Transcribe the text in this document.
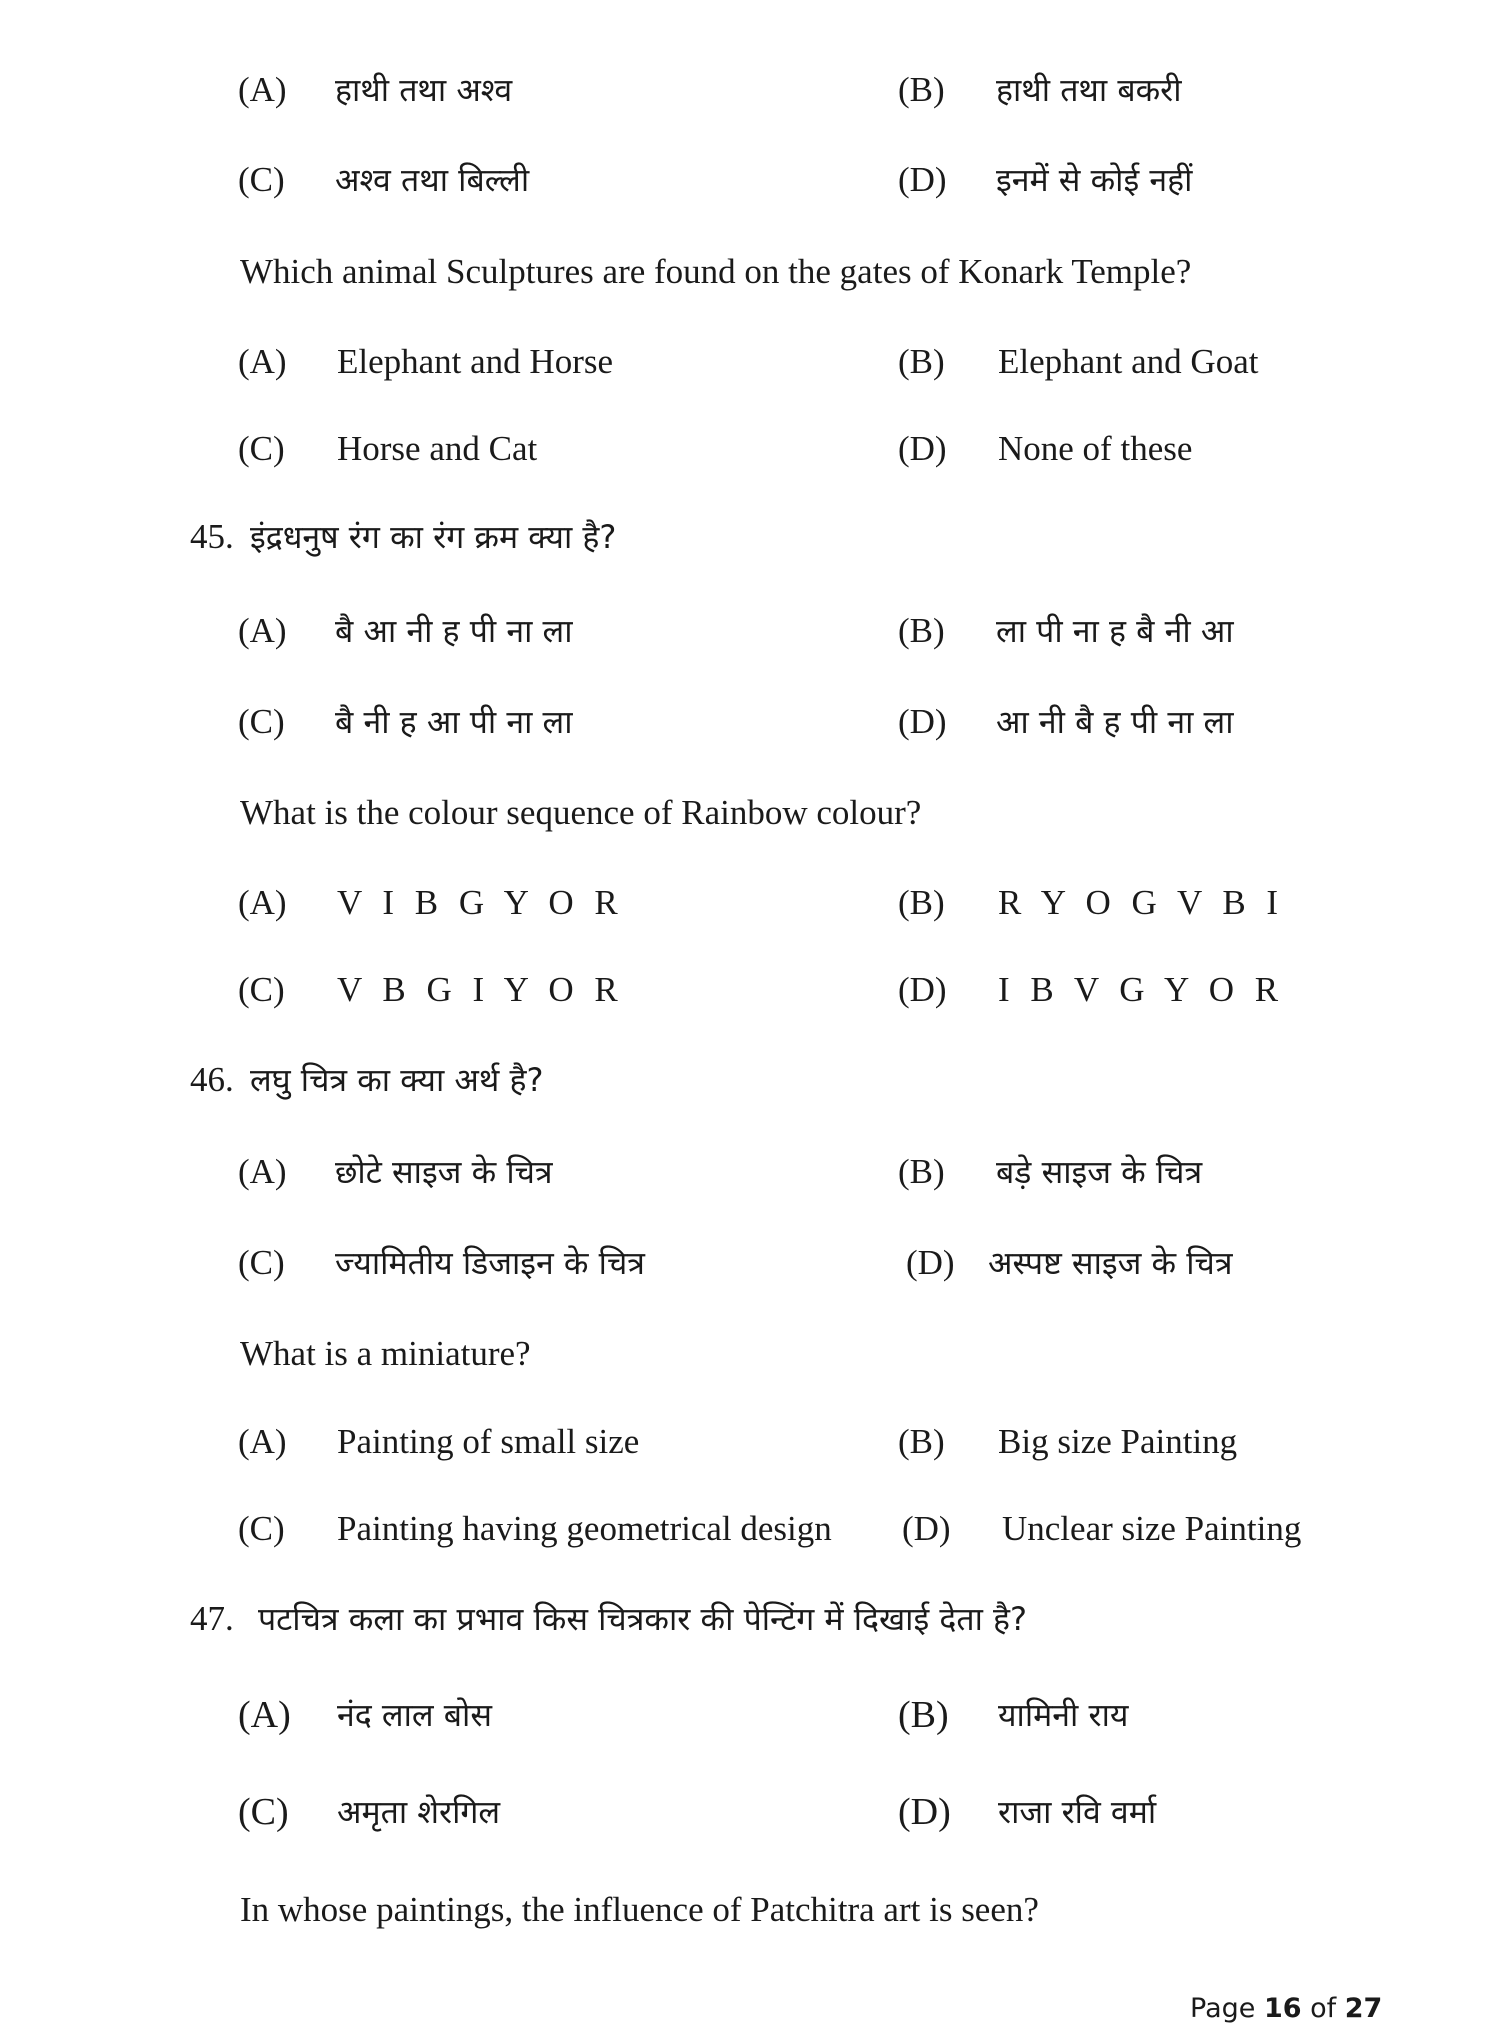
(A) हाथी तथा अश्व	(B) हाथी तथा बकरी
(C) अश्व तथा बिल्ली	(D) इनमें से कोई नहीं
Which animal Sculptures are found on the gates of Konark Temple?
(A) Elephant and Horse	(B) Elephant and Goat
(C) Horse and Cat	(D) None of these
45. इंद्रधनुष रंग का रंग क्रम क्या है?
(A) बै आ नी ह पी ना ला	(B) ला पी ना ह बै नी आ
(C) बै नी ह आ पी ना ला	(D) आ नी बै ह पी ना ला
What is the colour sequence of Rainbow colour?
(A) V I B G Y O R	(B) R Y O G V B I
(C) V B G I Y O R	(D) I B V G Y O R
46. लघु चित्र का क्या अर्थ है?
(A) छोटे साइज के चित्र	(B) बड़े साइज के चित्र
(C) ज्यामितीय डिजाइन के चित्र	(D) अस्पष्ट साइज के चित्र
What is a miniature?
(A) Painting of small size	(B) Big size Painting
(C) Painting having geometrical design (D) Unclear size Painting
47. पटचित्र कला का प्रभाव किस चित्रकार की पेन्टिंग में दिखाई देता है?
(A) नंद लाल बोस	(B) यामिनी राय
(C) अमृता शेरगिल	(D) राजा रवि वर्मा
In whose paintings, the influence of Patchitra art is seen?
Page 16 of 27
